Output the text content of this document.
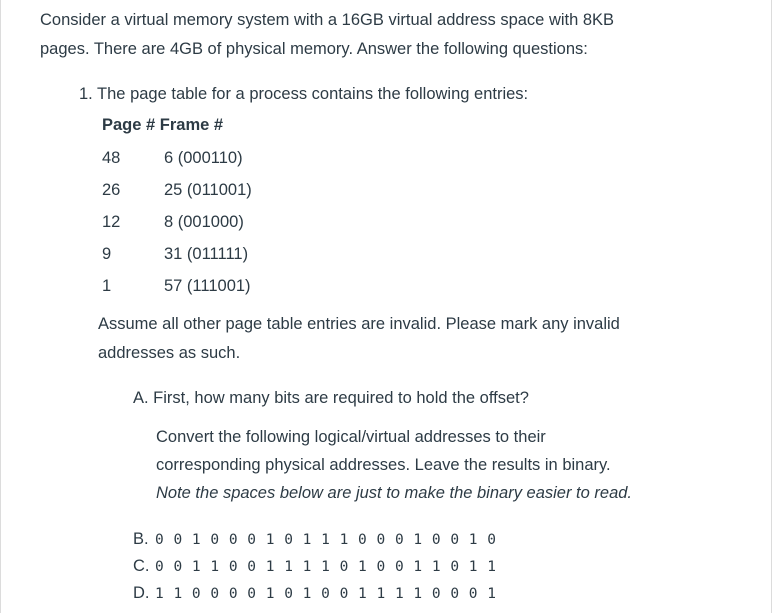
Consider a virtual memory system with a 16GB virtual address space with 8KB
pages. There are 4GB of physical memory. Answer the following questions:

1. The page table for a process contains the following entries:

Page # Frame #

48	6 (000110)
26	25 (011001)
12	8 (001000)
9	31 (011111)
1	57 (111001)

Assume all other page table entries are invalid. Please mark any invalid
addresses as such.

A. First, how many bits are required to hold the offset?

Convert the following logical/virtual addresses to their
corresponding physical addresses. Leave the results in binary.
Note the spaces below are just to make the binary easier to read.

B. 0 0 1 0 0 0 1 0 1 1 1 0 0 0 1 0 0 1 0
C. 0 0 1 1 0 0 1 1 1 1 0 1 0 0 1 1 0 1 1
D. 1 1 0 0 0 0 1 0 1 0 0 1 1 1 1 0 0 0 1
